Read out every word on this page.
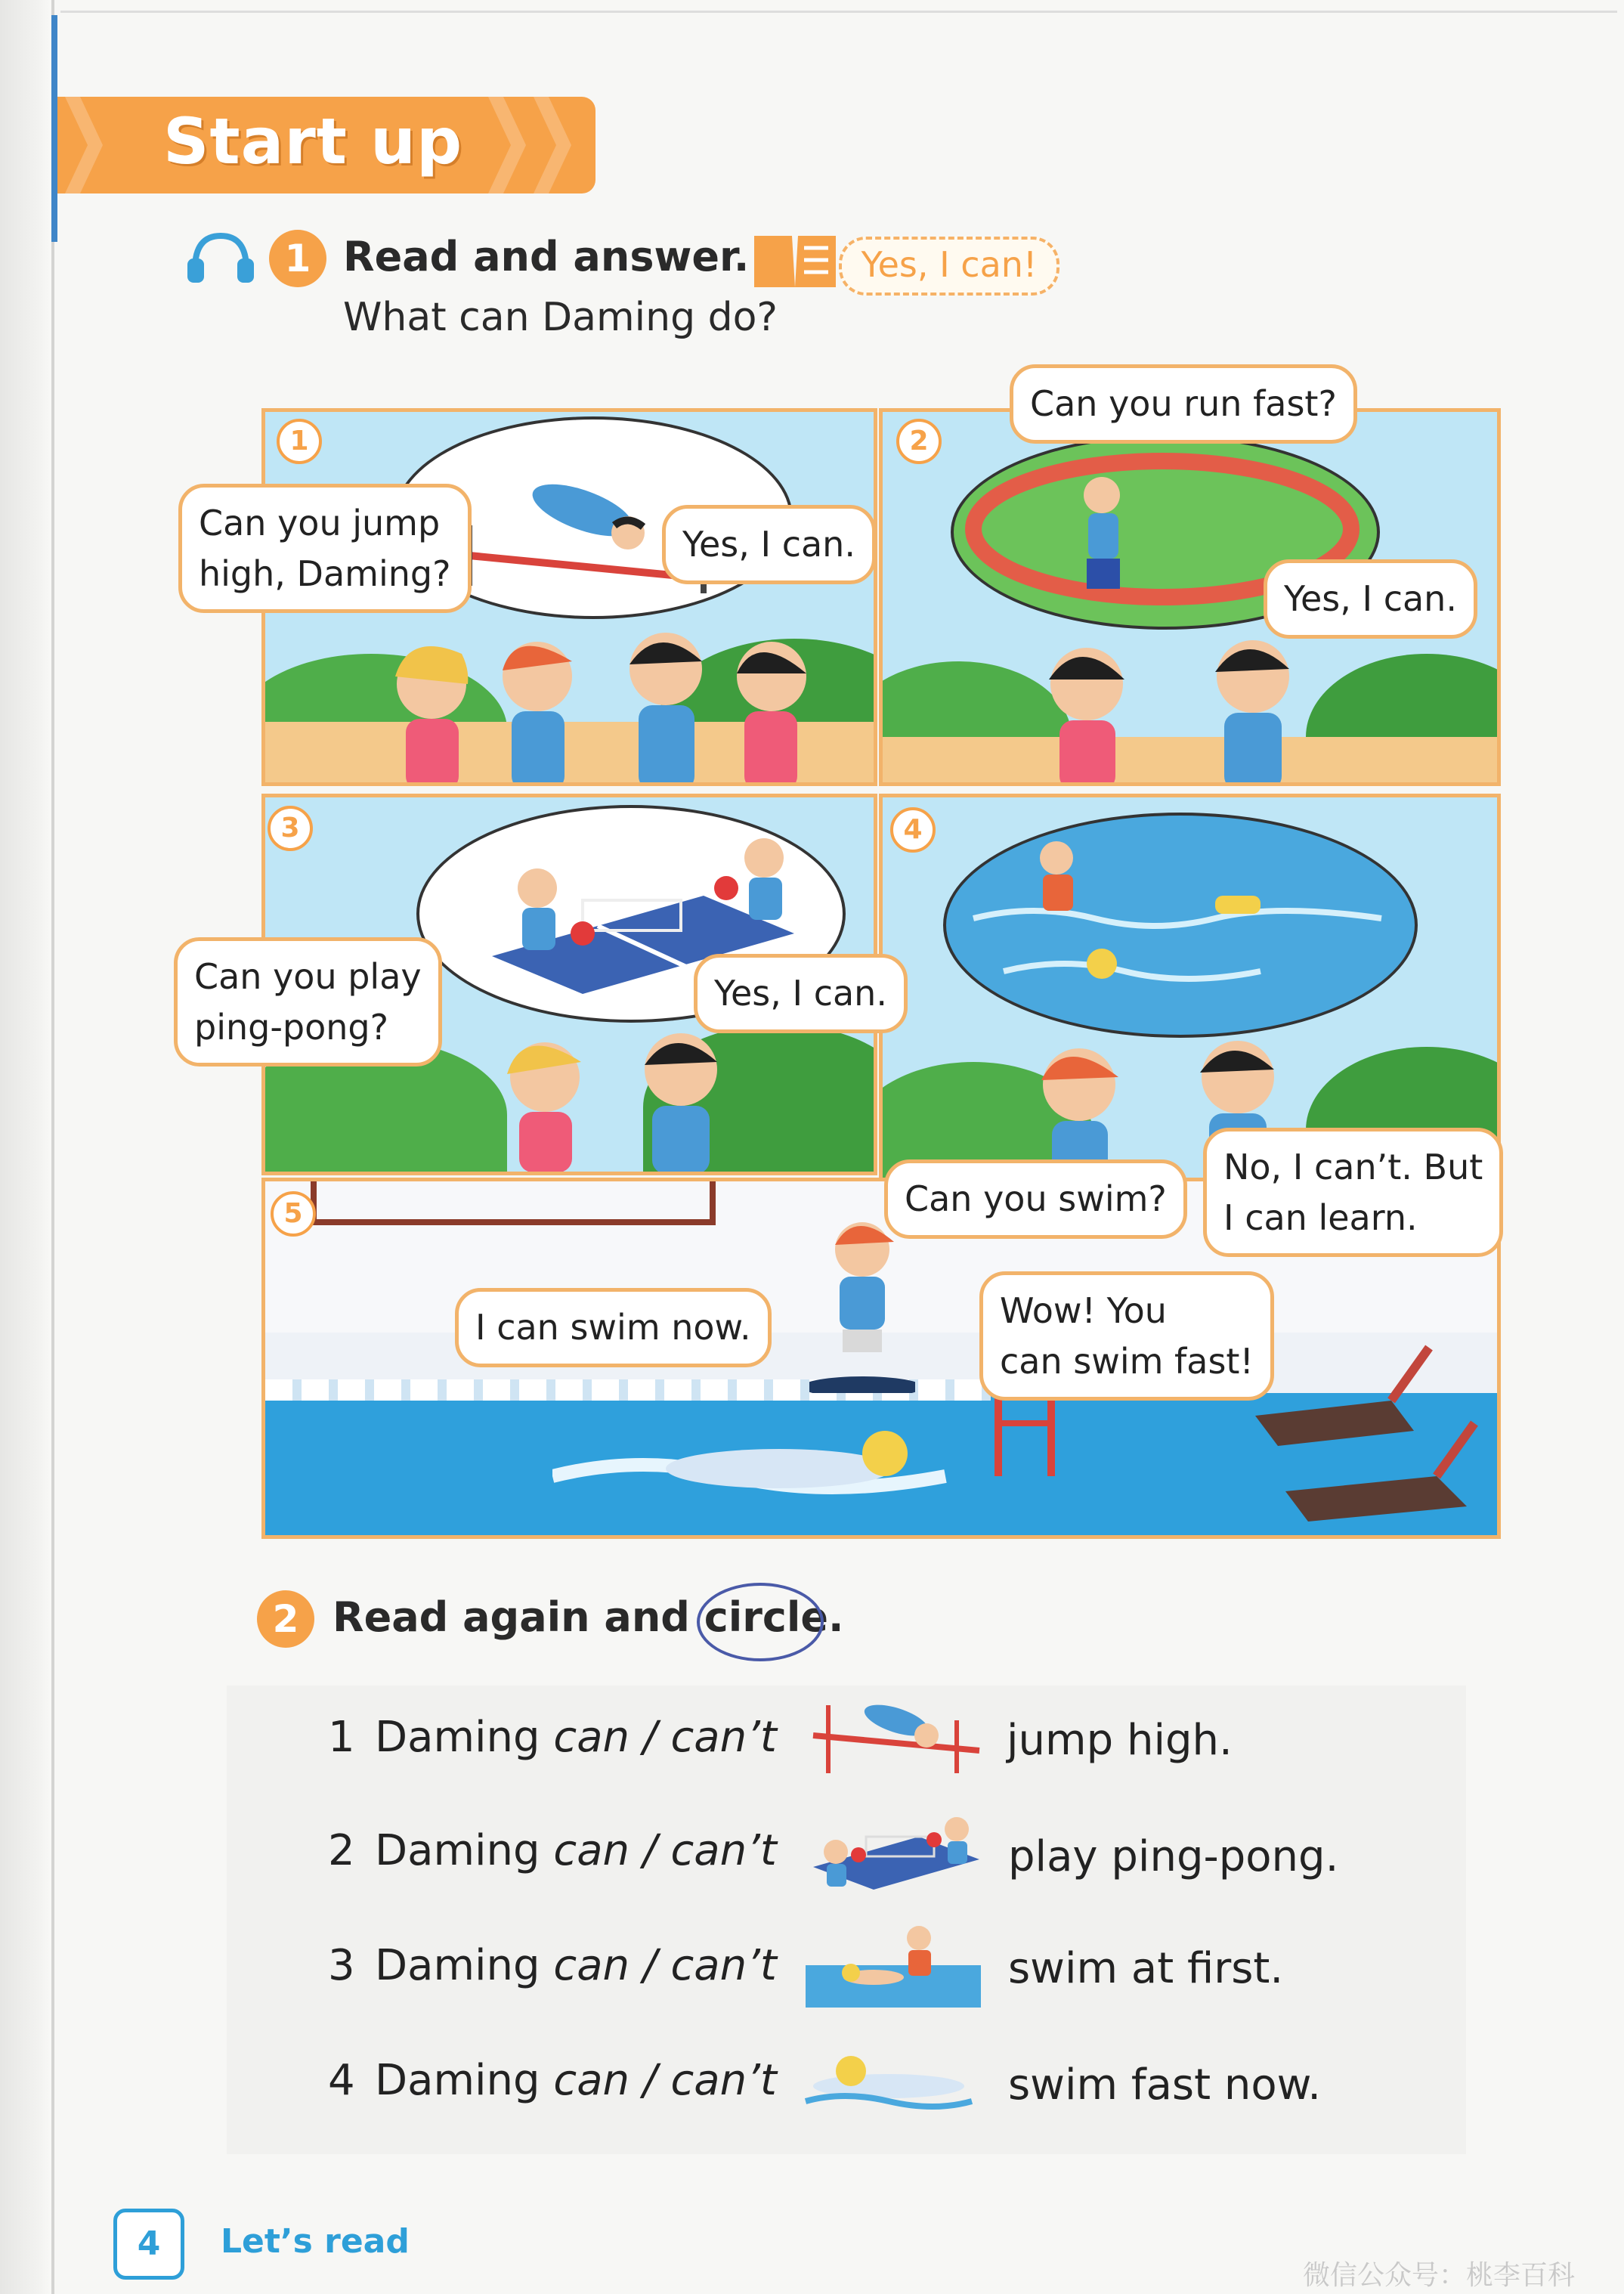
Start up
1 Read and answer.	Yes, I can!
What can Daming do?
1	2
3	4
5
Can you jump
high, Daming?
Yes, I can.
Can you run fast?
Yes, I can.
Can you play
ping-pong?
Yes, I can.
Can you swim?
No, I can’t. But
I can learn.
I can swim now.	Wow! You
can swim fast!
2 Read again and circle
.
1 Daming can / can’t	jump high.
2 Daming can / can’t	play ping-pong.
3 Daming can / can’t	swim at first.
4 Daming can / can’t	swim fast now.
4	Let’s read
微信公众号：桃李百科
